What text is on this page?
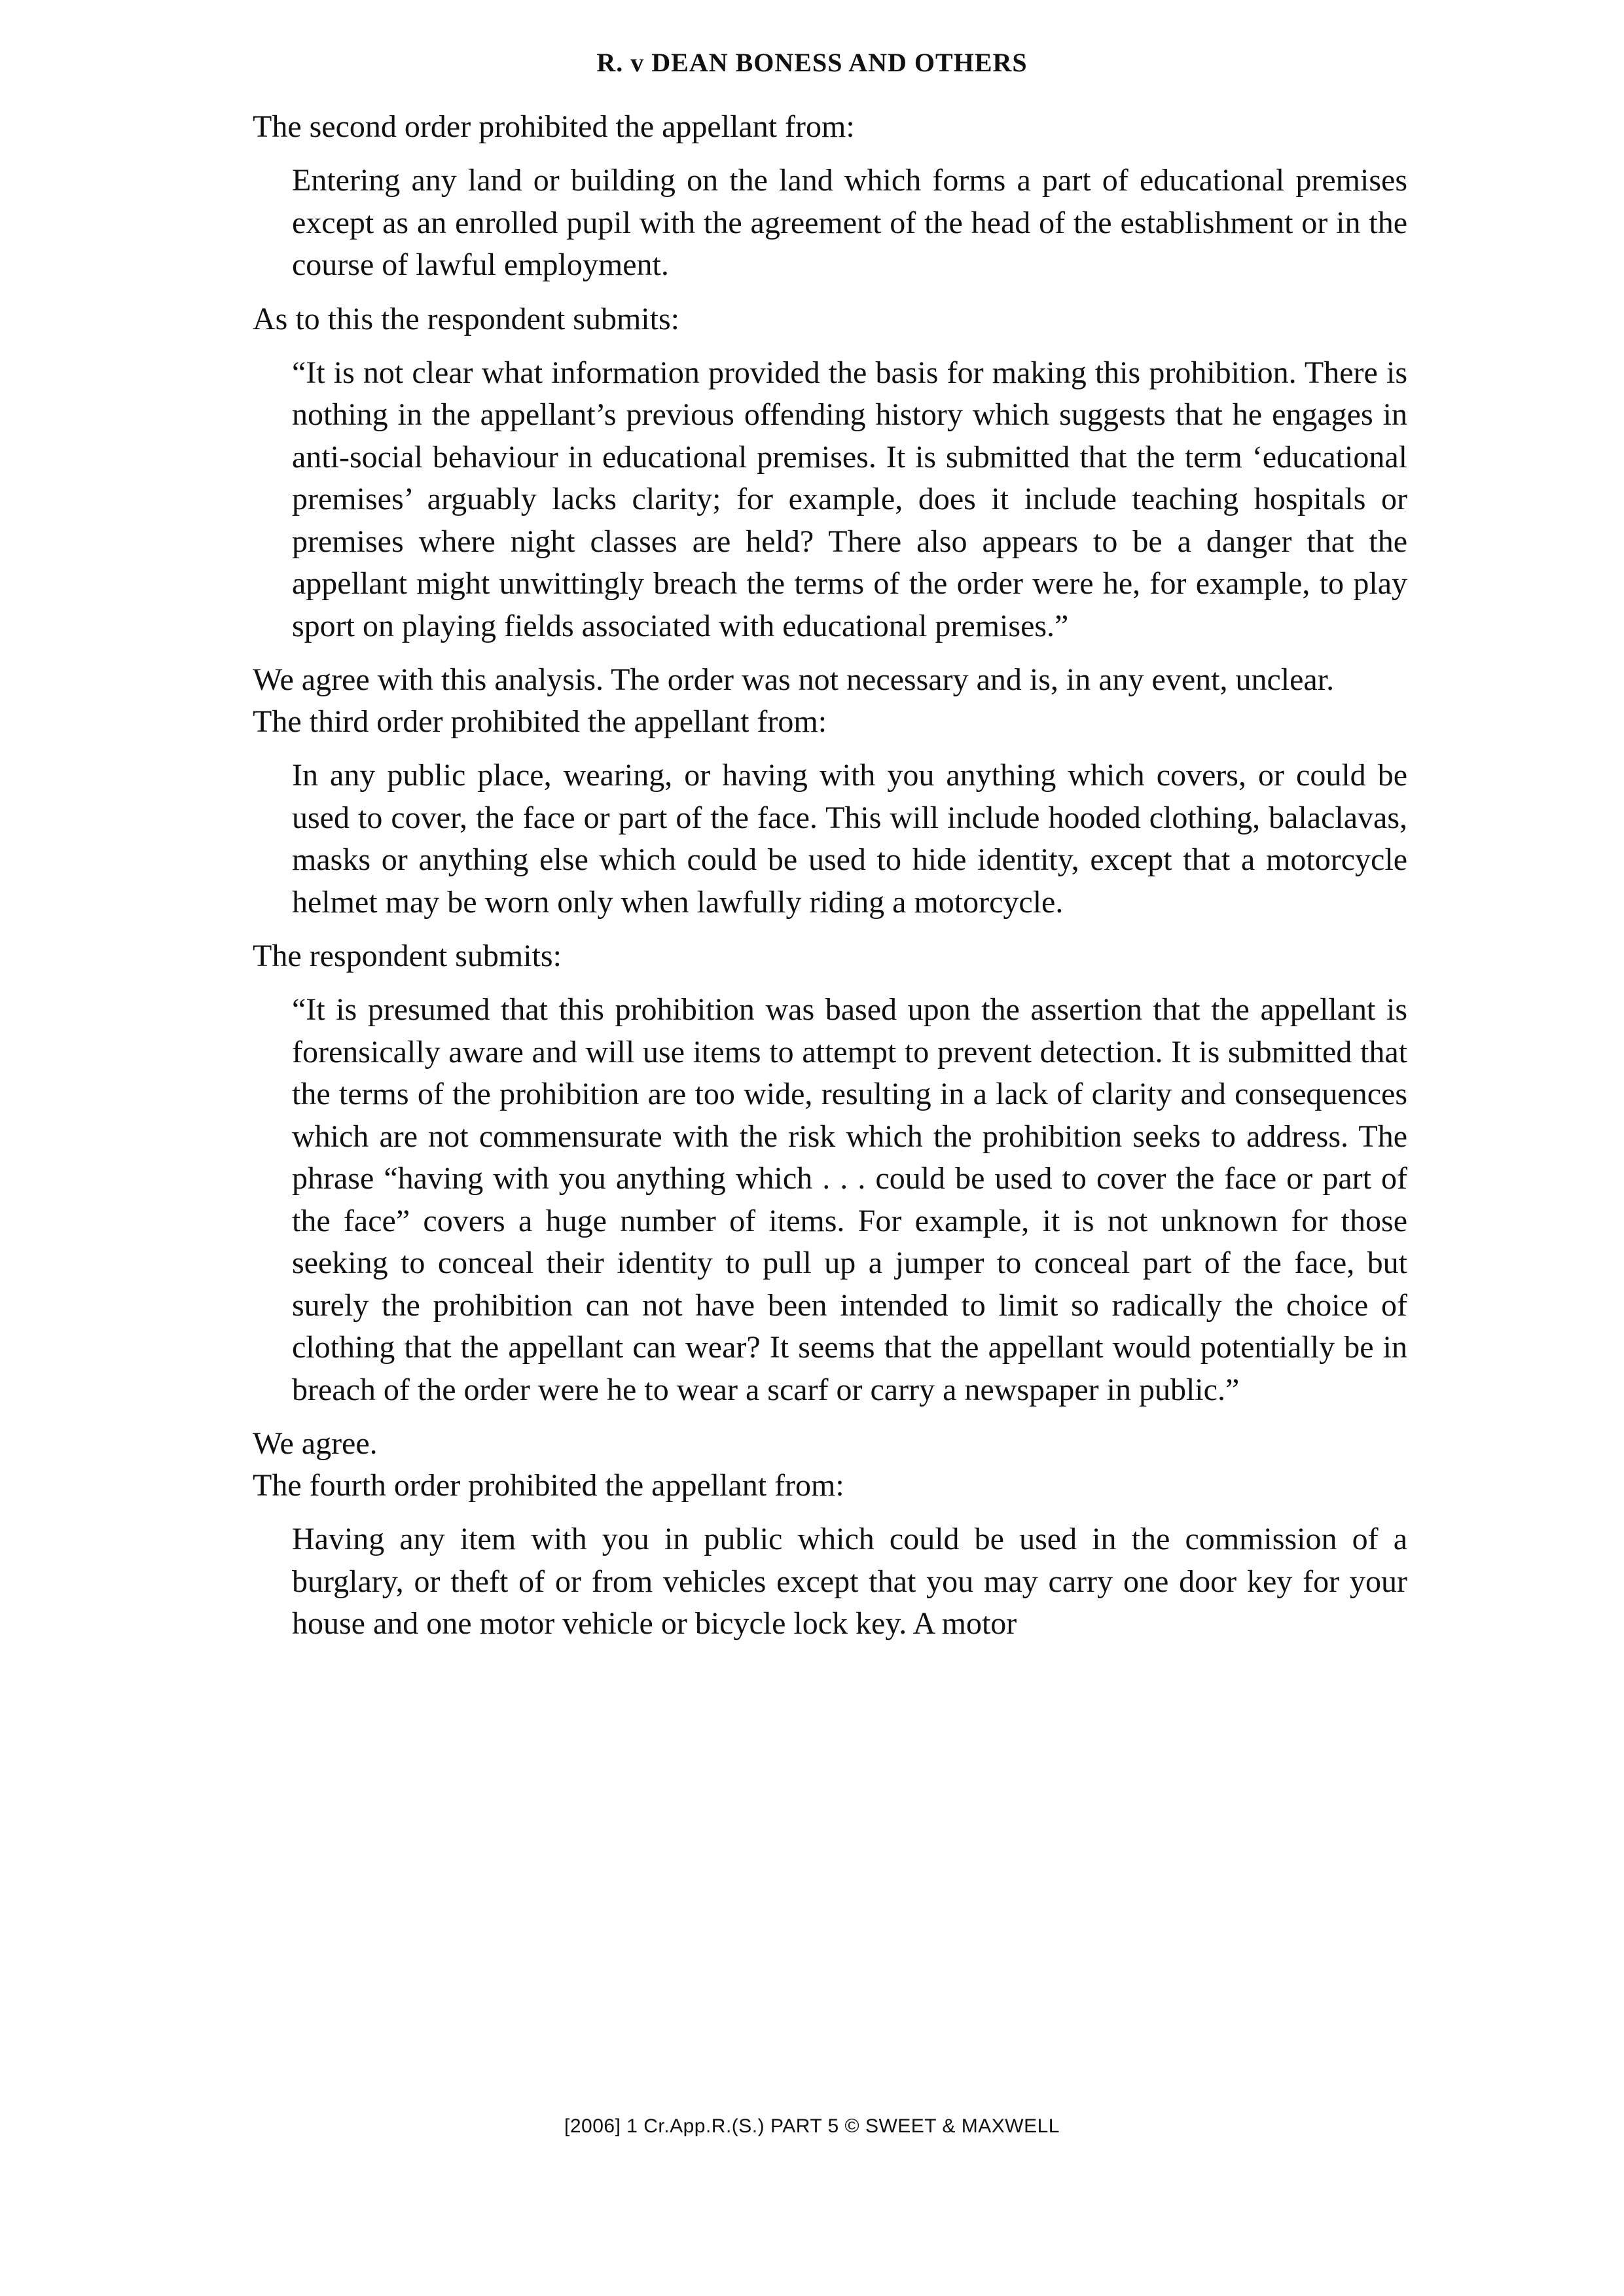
R. v DEAN BONESS AND OTHERS

The second order prohibited the appellant from:

Entering any land or building on the land which forms a part of educational premises except as an enrolled pupil with the agreement of the head of the establishment or in the course of lawful employment.

As to this the respondent submits:

“It is not clear what information provided the basis for making this prohibition. There is nothing in the appellant’s previous offending history which suggests that he engages in anti-social behaviour in educational premises. It is submitted that the term ‘educational premises’ arguably lacks clarity; for example, does it include teaching hospitals or premises where night classes are held? There also appears to be a danger that the appellant might unwittingly breach the terms of the order were he, for example, to play sport on playing fields associated with educational premises.”

We agree with this analysis. The order was not necessary and is, in any event, unclear.

The third order prohibited the appellant from:

In any public place, wearing, or having with you anything which covers, or could be used to cover, the face or part of the face. This will include hooded clothing, balaclavas, masks or anything else which could be used to hide identity, except that a motorcycle helmet may be worn only when lawfully riding a motorcycle.

The respondent submits:

“It is presumed that this prohibition was based upon the assertion that the appellant is forensically aware and will use items to attempt to prevent detection. It is submitted that the terms of the prohibition are too wide, resulting in a lack of clarity and consequences which are not commensurate with the risk which the prohibition seeks to address. The phrase “having with you anything which . . . could be used to cover the face or part of the face” covers a huge number of items. For example, it is not unknown for those seeking to conceal their identity to pull up a jumper to conceal part of the face, but surely the prohibition can not have been intended to limit so radically the choice of clothing that the appellant can wear? It seems that the appellant would potentially be in breach of the order were he to wear a scarf or carry a newspaper in public.”

We agree.

The fourth order prohibited the appellant from:

Having any item with you in public which could be used in the commission of a burglary, or theft of or from vehicles except that you may carry one door key for your house and one motor vehicle or bicycle lock key. A motor

[2006] 1 Cr.App.R.(S.) PART 5 © SWEET & MAXWELL
